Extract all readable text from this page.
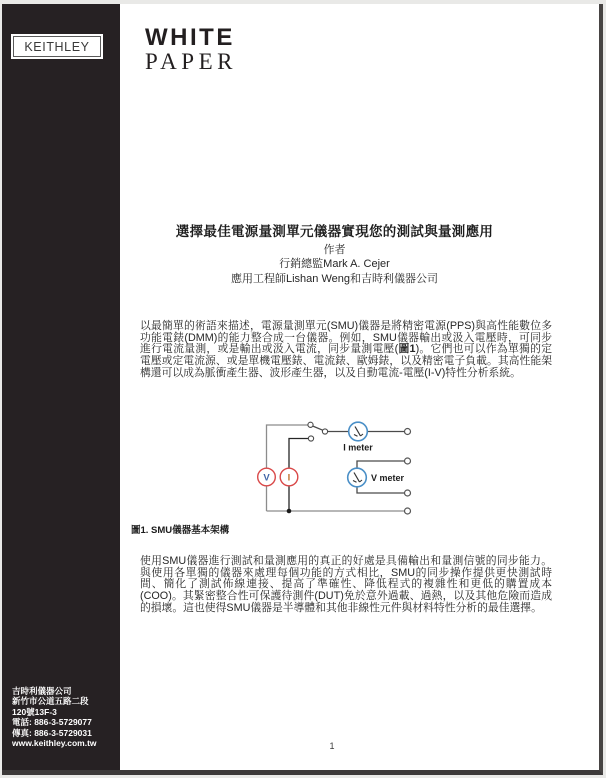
KEITHLEY
吉時利儀器公司
新竹市公道五路二段
120號13F-3
電話: 886-3-5729077
傳真: 886-3-5729031
www.keithley.com.tw
WHITE
PAPER
選擇最佳電源量測單元儀器實現您的測試與量測應用
作者
行銷總監Mark A. Cejer
應用工程師Lishan Weng和吉時利儀器公司
以最簡單的術語來描述，電源量測單元(SMU)儀器是將精密電源(PPS)與高性能數位多功能電錶(DMM)的能力整合成一台儀器。例如，SMU儀器輸出或汲入電壓時，可同步進行電流量測，或是輸出或汲入電流，同步量測電壓(圖1)。它們也可以作為單獨的定電壓或定電流源、或是單機電壓錶、電流錶、歐姆錶，以及精密電子負載。其高性能架構還可以成為脈衝產生器、波形產生器，以及自動電流-電壓(I-V)特性分析系統。
I meter
V meter
V I
圖1. SMU儀器基本架構
使用SMU儀器進行測試和量測應用的真正的好處是具備輸出和量測信號的同步能力。與使用各單獨的儀器來處理每個功能的方式相比，SMU的同步操作提供更快測試時間、簡化了測試佈線連接、提高了準確性、降低程式的複雜性和更低的購置成本(COO)。其緊密整合性可保護待測件(DUT)免於意外過載、過熱，以及其他危險而造成的損壞。這也使得SMU儀器是半導體和其他非線性元件與材料特性分析的最佳選擇。
1
